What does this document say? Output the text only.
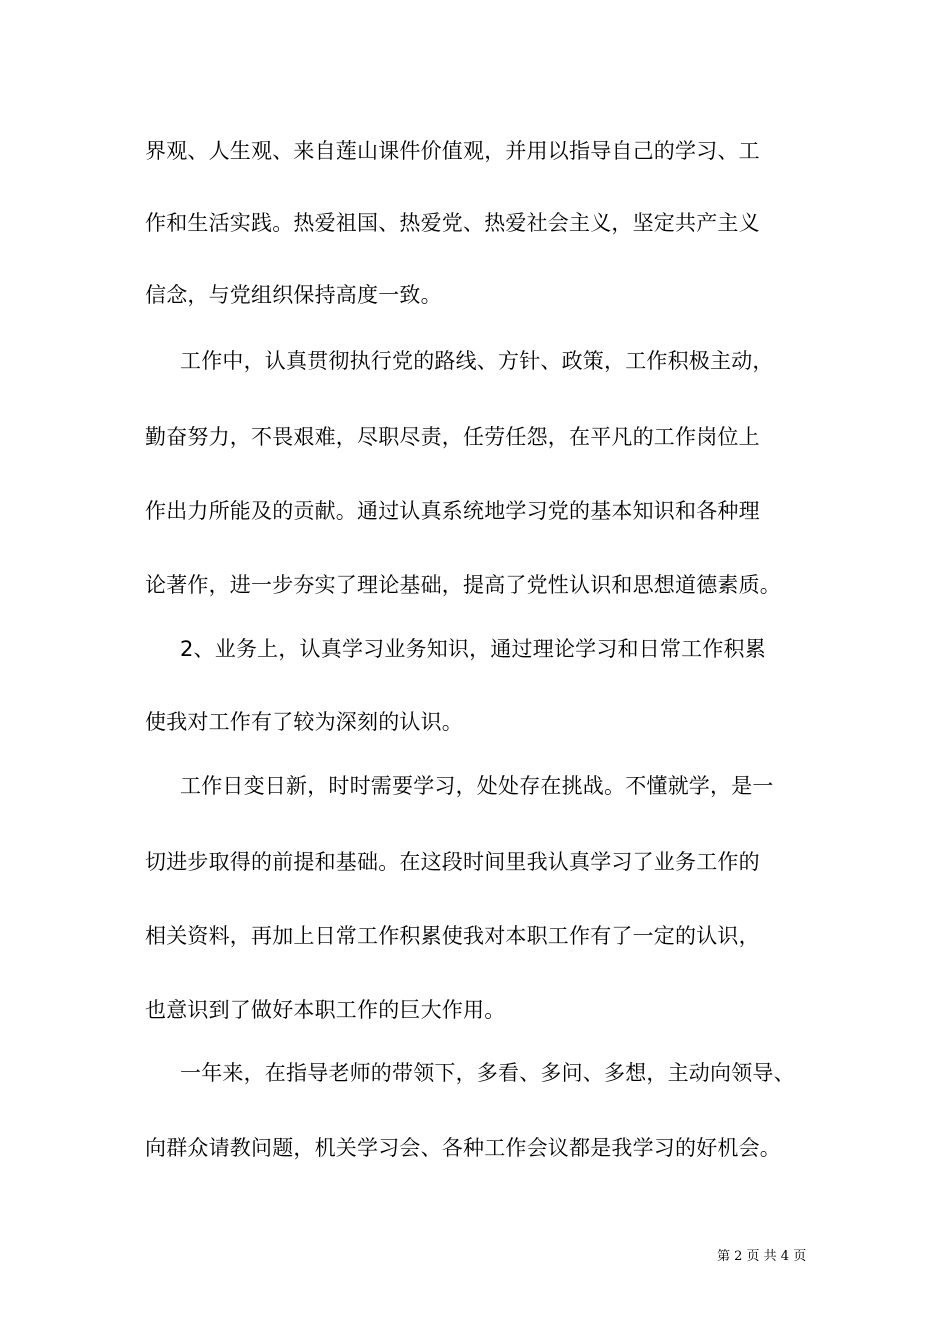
界观、人生观、来自莲山课件价值观，并用以指导自己的学习、工
作和生活实践。热爱祖国、热爱党、热爱社会主义，坚定共产主义
信念，与党组织保持高度一致。
工作中，认真贯彻执行党的路线、方针、政策，工作积极主动，
勤奋努力，不畏艰难，尽职尽责，任劳任怨，在平凡的工作岗位上
作出力所能及的贡献。通过认真系统地学习党的基本知识和各种理
论著作，进一步夯实了理论基础，提高了党性认识和思想道德素质。
2、业务上，认真学习业务知识，通过理论学习和日常工作积累
使我对工作有了较为深刻的认识。
工作日变日新，时时需要学习，处处存在挑战。不懂就学，是一
切进步取得的前提和基础。在这段时间里我认真学习了业务工作的
相关资料，再加上日常工作积累使我对本职工作有了一定的认识，
也意识到了做好本职工作的巨大作用。
一年来，在指导老师的带领下，多看、多问、多想，主动向领导、
向群众请教问题，机关学习会、各种工作会议都是我学习的好机会。
第 2 页 共 4 页
